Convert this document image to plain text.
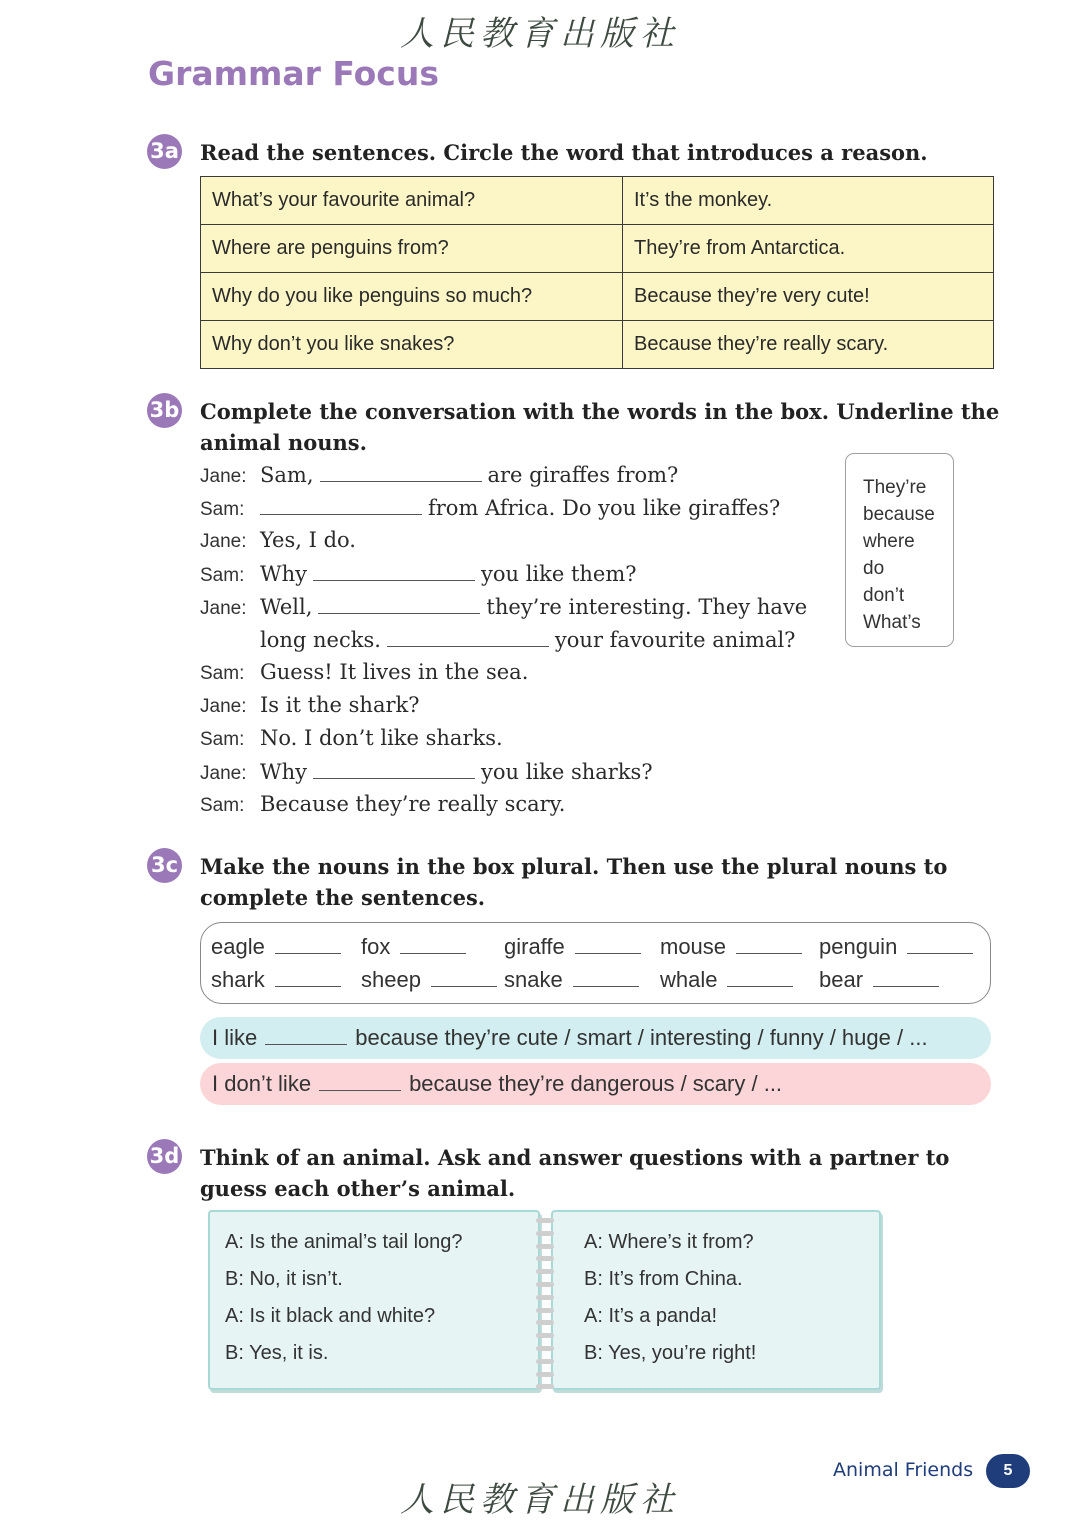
人民教育出版社
Grammar Focus
3a Read the sentences. Circle the word that introduces a reason.
What’s your favourite animal?	It’s the monkey.
Where are penguins from?	They’re from Antarctica.
Why do you like penguins so much?	Because they’re very cute!
Why don’t you like snakes?	Because they’re really scary.
3b Complete the conversation with the words in the box. Underline the animal nouns.
Jane: Sam,	are giraffes from?
Sam:	from Africa. Do you like giraffes?
Jane: Yes, I do.
Sam: Why	you like them?
Jane: Well,	they’re interesting. They have
long necks.	your favourite animal?
Sam: Guess! It lives in the sea.
Jane: Is it the shark?
Sam: No. I don’t like sharks.
Jane: Why	you like sharks?
Sam: Because they’re really scary.
They’re
because
where
do
don’t
What’s
3c Make the nouns in the box plural. Then use the plural nouns to complete the sentences.
eagle	fox	giraffe	mouse	penguin
shark	sheep	snake	whale	bear
I like	because they’re cute / smart / interesting / funny / huge / ...
I don’t like	because they’re dangerous / scary / ...
3d Think of an animal. Ask and answer questions with a partner to guess each other’s animal.
A: Is the animal’s tail long?
B: No, it isn’t.
A: Is it black and white?
B: Yes, it is.
A: Where’s it from?
B: It’s from China.
A: It’s a panda!
B: Yes, you’re right!
Animal Friends	5
人民教育出版社
